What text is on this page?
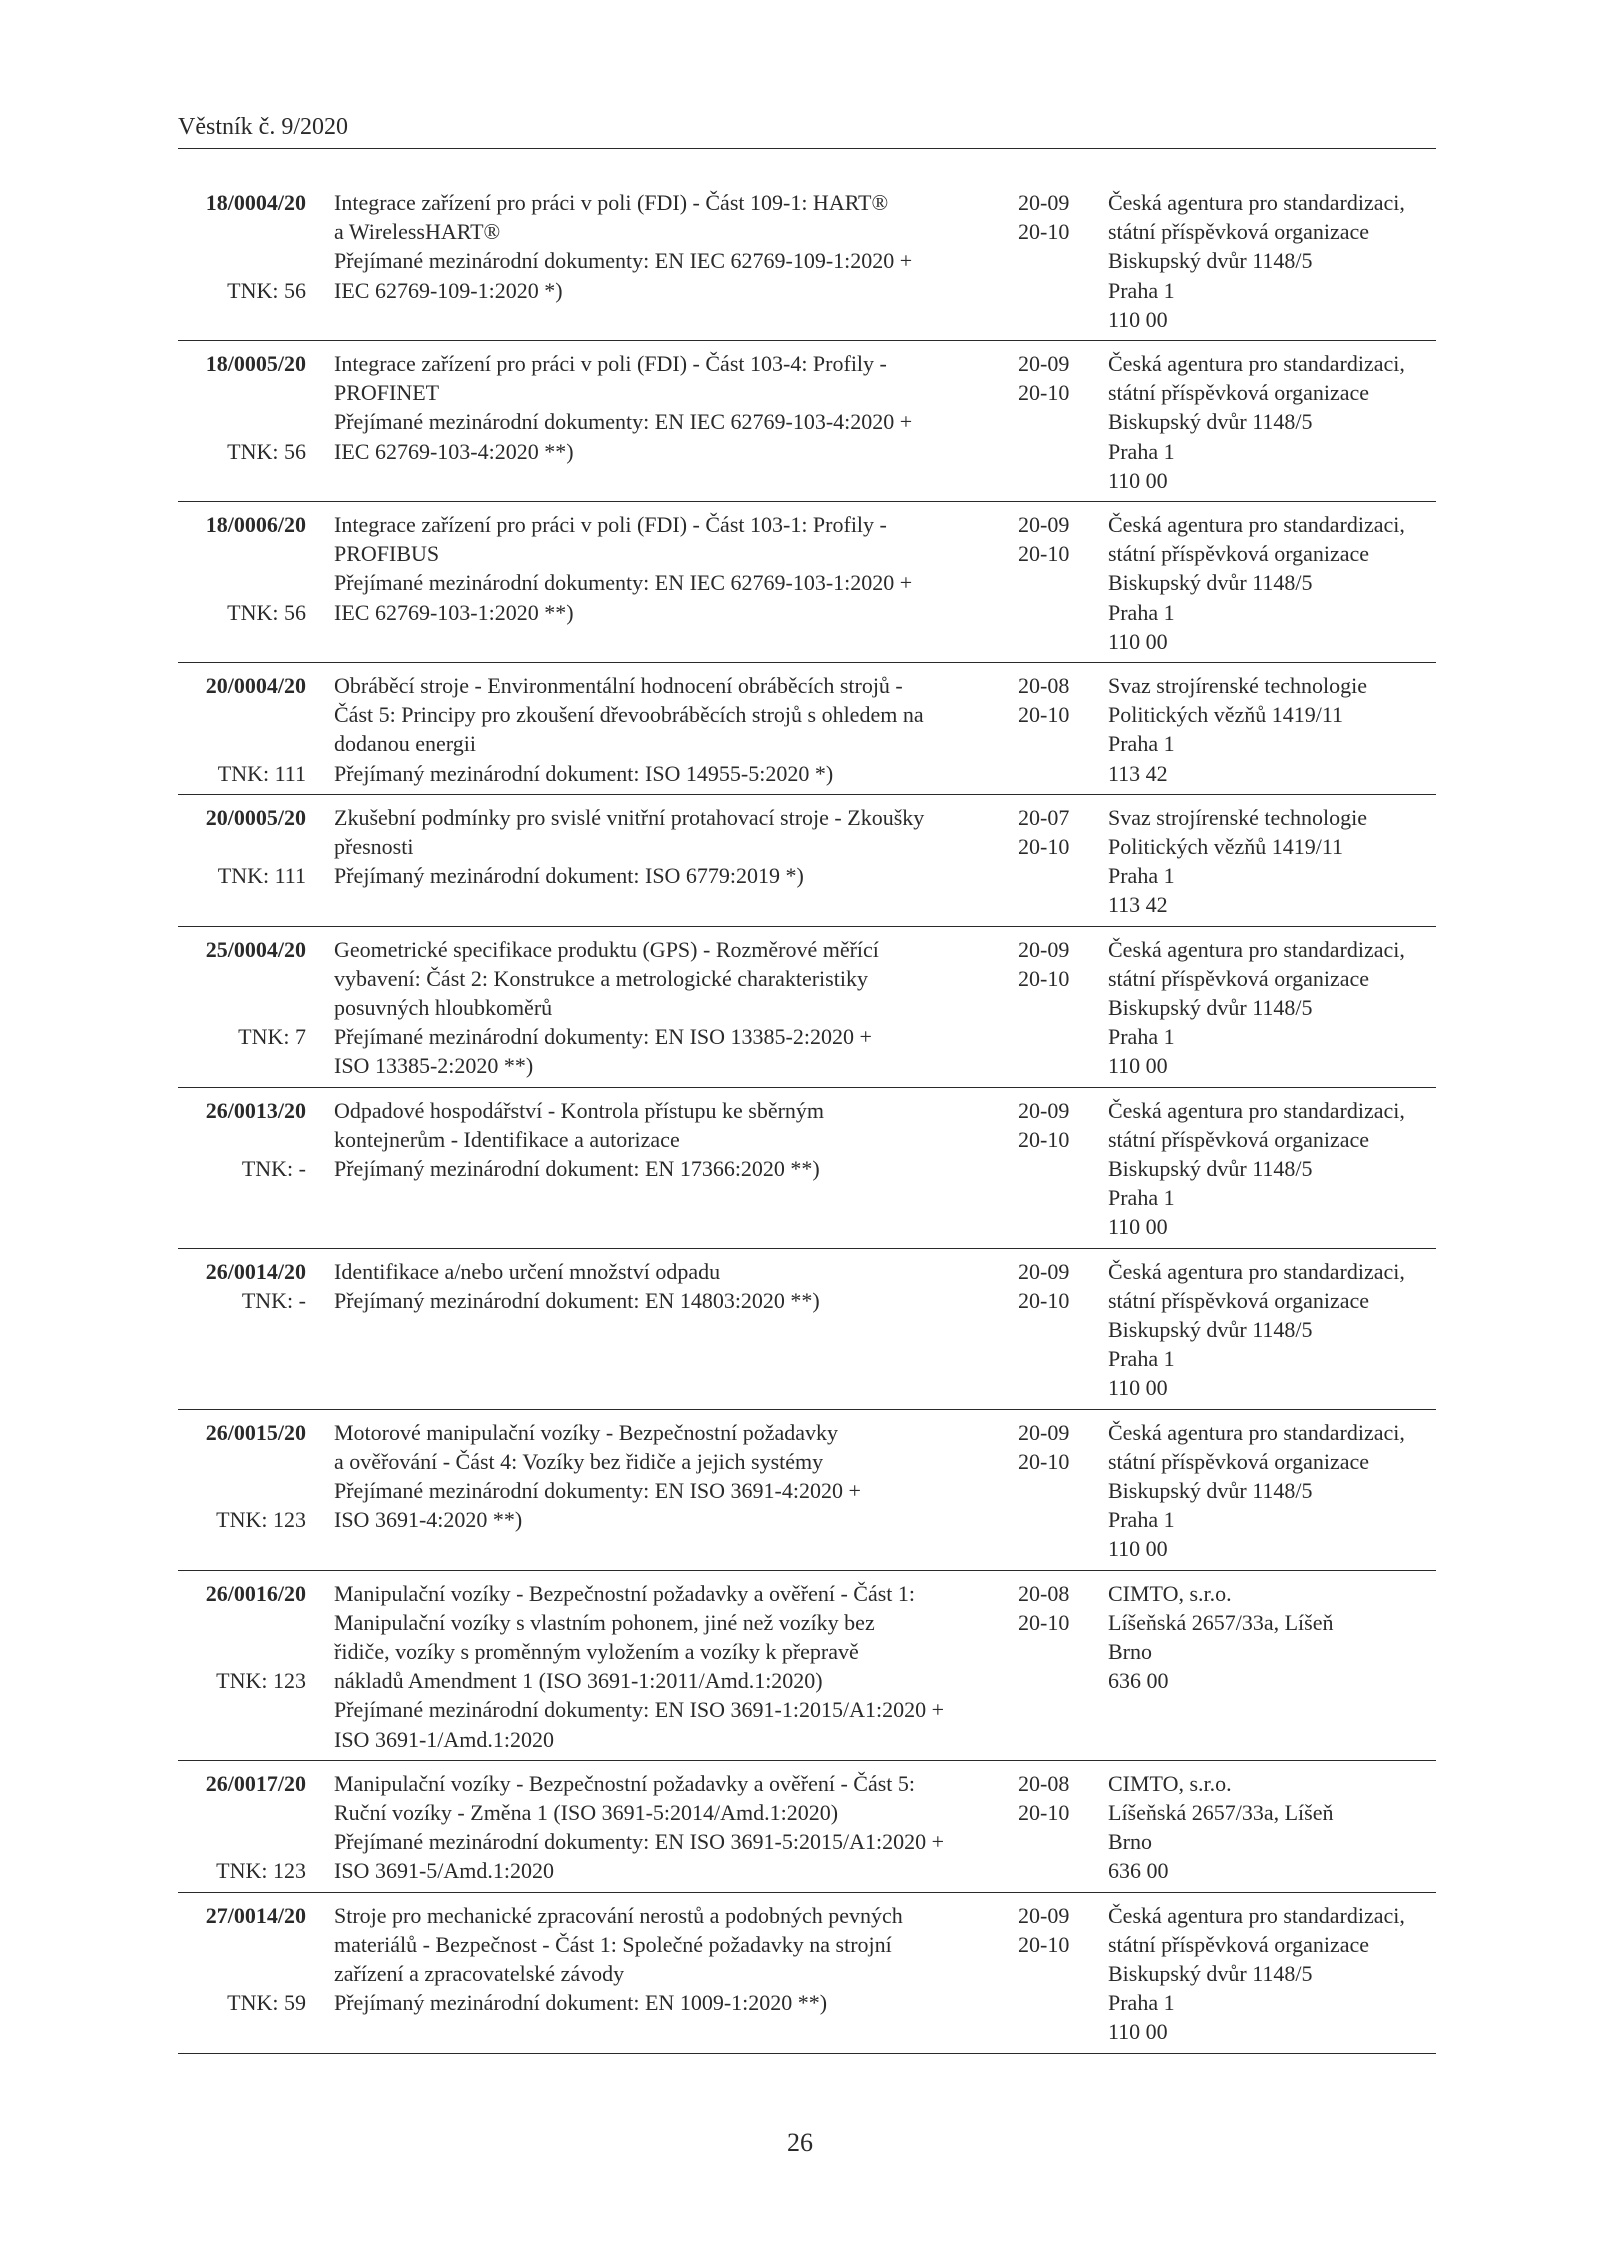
Věstník č. 9/2020
18/0004/20
TNK: 56
Integrace zařízení pro práci v poli (FDI) - Část 109-1: HART®
a WirelessHART®
Přejímané mezinárodní dokumenty: EN IEC 62769-109-1:2020 +
IEC 62769-109-1:2020 *)
20-09
20-10
Česká agentura pro standardizaci,
státní příspěvková organizace
Biskupský dvůr 1148/5
Praha 1
110 00
18/0005/20
TNK: 56
Integrace zařízení pro práci v poli (FDI) - Část 103-4: Profily -
PROFINET
Přejímané mezinárodní dokumenty: EN IEC 62769-103-4:2020 +
IEC 62769-103-4:2020 **)
20-09
20-10
Česká agentura pro standardizaci,
státní příspěvková organizace
Biskupský dvůr 1148/5
Praha 1
110 00
18/0006/20
TNK: 56
Integrace zařízení pro práci v poli (FDI) - Část 103-1: Profily -
PROFIBUS
Přejímané mezinárodní dokumenty: EN IEC 62769-103-1:2020 +
IEC 62769-103-1:2020 **)
20-09
20-10
Česká agentura pro standardizaci,
státní příspěvková organizace
Biskupský dvůr 1148/5
Praha 1
110 00
20/0004/20
TNK: 111
Obráběcí stroje - Environmentální hodnocení obráběcích strojů -
Část 5: Principy pro zkoušení dřevoobráběcích strojů s ohledem na
dodanou energii
Přejímaný mezinárodní dokument: ISO 14955-5:2020 *)
20-08
20-10
Svaz strojírenské technologie
Politických vězňů 1419/11
Praha 1
113 42
20/0005/20
TNK: 111
Zkušební podmínky pro svislé vnitřní protahovací stroje - Zkoušky
přesnosti
Přejímaný mezinárodní dokument: ISO 6779:2019 *)
20-07
20-10
Svaz strojírenské technologie
Politických vězňů 1419/11
Praha 1
113 42
25/0004/20
TNK: 7
Geometrické specifikace produktu (GPS) - Rozměrové měřící
vybavení: Část 2: Konstrukce a metrologické charakteristiky
posuvných hloubkoměrů
Přejímané mezinárodní dokumenty: EN ISO 13385-2:2020 +
ISO 13385-2:2020 **)
20-09
20-10
Česká agentura pro standardizaci,
státní příspěvková organizace
Biskupský dvůr 1148/5
Praha 1
110 00
26/0013/20
TNK: -
Odpadové hospodářství - Kontrola přístupu ke sběrným
kontejnerům - Identifikace a autorizace
Přejímaný mezinárodní dokument: EN 17366:2020 **)
20-09
20-10
Česká agentura pro standardizaci,
státní příspěvková organizace
Biskupský dvůr 1148/5
Praha 1
110 00
26/0014/20
TNK: -
Identifikace a/nebo určení množství odpadu
Přejímaný mezinárodní dokument: EN 14803:2020 **)
20-09
20-10
Česká agentura pro standardizaci,
státní příspěvková organizace
Biskupský dvůr 1148/5
Praha 1
110 00
26/0015/20
TNK: 123
Motorové manipulační vozíky - Bezpečnostní požadavky
a ověřování - Část 4: Vozíky bez řidiče a jejich systémy
Přejímané mezinárodní dokumenty: EN ISO 3691-4:2020 +
ISO 3691-4:2020 **)
20-09
20-10
Česká agentura pro standardizaci,
státní příspěvková organizace
Biskupský dvůr 1148/5
Praha 1
110 00
26/0016/20
TNK: 123
Manipulační vozíky - Bezpečnostní požadavky a ověření - Část 1:
Manipulační vozíky s vlastním pohonem, jiné než vozíky bez
řidiče, vozíky s proměnným vyložením a vozíky k přepravě
nákladů Amendment 1 (ISO 3691-1:2011/Amd.1:2020)
Přejímané mezinárodní dokumenty: EN ISO 3691-1:2015/A1:2020 +
ISO 3691-1/Amd.1:2020
20-08
20-10
CIMTO, s.r.o.
Líšeňská 2657/33a, Líšeň
Brno
636 00
26/0017/20
TNK: 123
Manipulační vozíky - Bezpečnostní požadavky a ověření - Část 5:
Ruční vozíky - Změna 1 (ISO 3691-5:2014/Amd.1:2020)
Přejímané mezinárodní dokumenty: EN ISO 3691-5:2015/A1:2020 +
ISO 3691-5/Amd.1:2020
20-08
20-10
CIMTO, s.r.o.
Líšeňská 2657/33a, Líšeň
Brno
636 00
27/0014/20
TNK: 59
Stroje pro mechanické zpracování nerostů a podobných pevných
materiálů - Bezpečnost - Část 1: Společné požadavky na strojní
zařízení a zpracovatelské závody
Přejímaný mezinárodní dokument: EN 1009-1:2020 **)
20-09
20-10
Česká agentura pro standardizaci,
státní příspěvková organizace
Biskupský dvůr 1148/5
Praha 1
110 00
26
